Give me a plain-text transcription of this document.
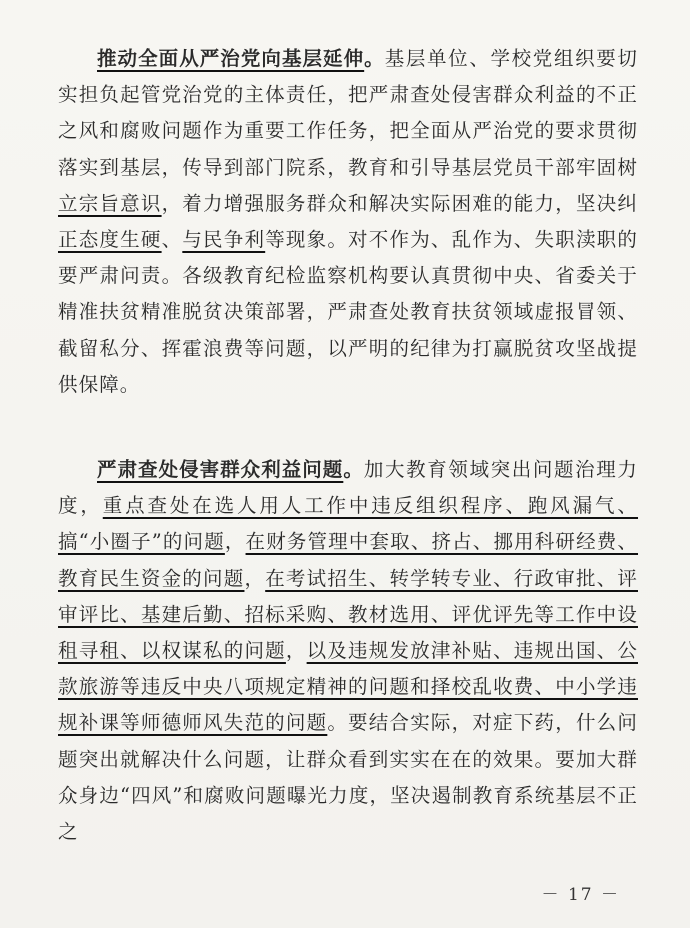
推动全面从严治党向基层延伸。基层单位、学校党组织要切实担负起管党治党的主体责任，把严肃查处侵害群众利益的不正之风和腐败问题作为重要工作任务，把全面从严治党的要求贯彻落实到基层，传导到部门院系，教育和引导基层党员干部牢固树立宗旨意识，着力增强服务群众和解决实际困难的能力，坚决纠正态度生硬、与民争利等现象。对不作为、乱作为、失职渎职的要严肃问责。各级教育纪检监察机构要认真贯彻中央、省委关于精准扶贫精准脱贫决策部署，严肃查处教育扶贫领域虚报冒领、截留私分、挥霍浪费等问题，以严明的纪律为打赢脱贫攻坚战提供保障。

严肃查处侵害群众利益问题。加大教育领域突出问题治理力度，重点查处在选人用人工作中违反组织程序、跑风漏气、搞“小圈子”的问题，在财务管理中套取、挤占、挪用科研经费、教育民生资金的问题，在考试招生、转学转专业、行政审批、评审评比、基建后勤、招标采购、教材选用、评优评先等工作中设租寻租、以权谋私的问题，以及违规发放津补贴、违规出国、公款旅游等违反中央八项规定精神的问题和择校乱收费、中小学违规补课等师德师风失范的问题。要结合实际，对症下药，什么问题突出就解决什么问题，让群众看到实实在在的效果。要加大群众身边“四风”和腐败问题曝光力度，坚决遏制教育系统基层不正之

－ 17 －
